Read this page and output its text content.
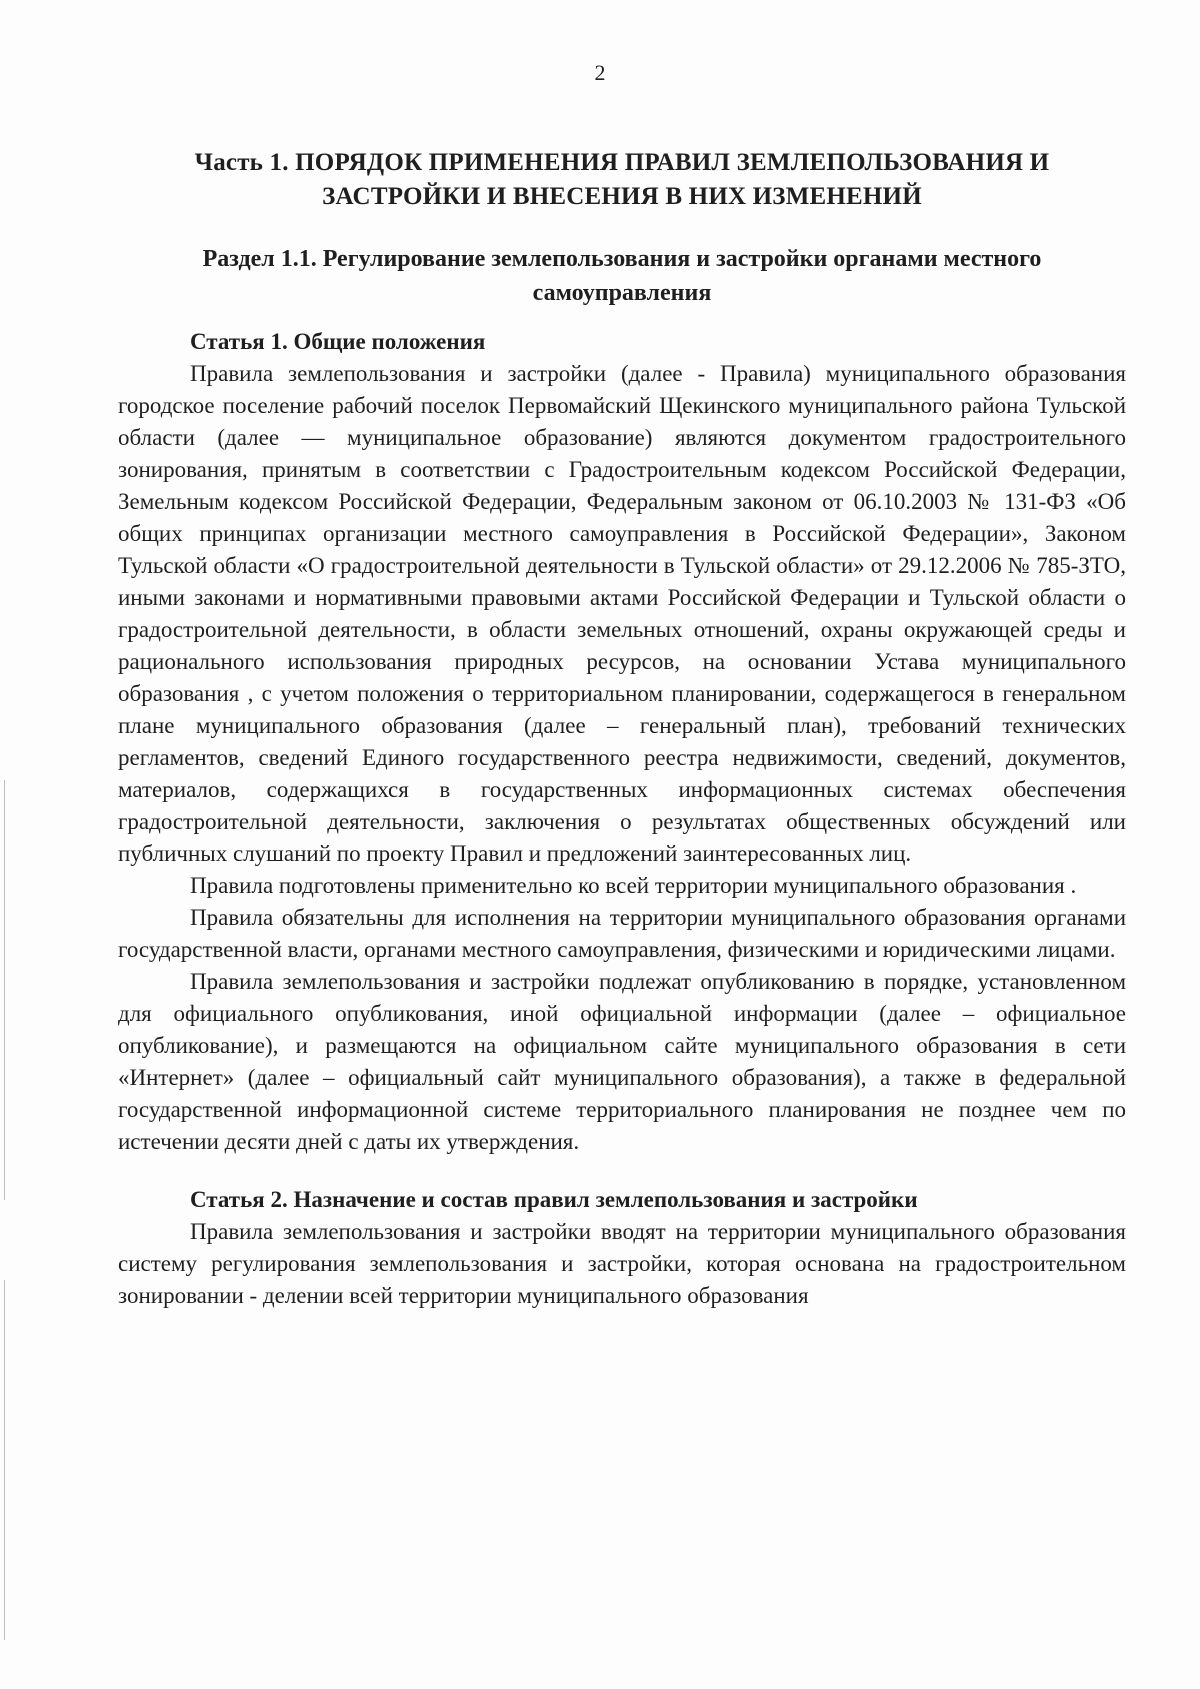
2
Часть 1. ПОРЯДОК ПРИМЕНЕНИЯ ПРАВИЛ ЗЕМЛЕПОЛЬЗОВАНИЯ И ЗАСТРОЙКИ И ВНЕСЕНИЯ В НИХ ИЗМЕНЕНИЙ
Раздел 1.1. Регулирование землепользования и застройки органами местного самоуправления
Статья 1. Общие положения

Правила землепользования и застройки (далее - Правила) муниципального образования городское поселение рабочий поселок Первомайский Щекинского муниципального района Тульской области (далее — муниципальное образование) являются документом градостроительного зонирования, принятым в соответствии с Градостроительным кодексом Российской Федерации, Земельным кодексом Российской Федерации, Федеральным законом от 06.10.2003 № 131-ФЗ «Об общих принципах организации местного самоуправления в Российской Федерации», Законом Тульской области «О градостроительной деятельности в Тульской области» от 29.12.2006 № 785-ЗТО, иными законами и нормативными правовыми актами Российской Федерации и Тульской области о градостроительной деятельности, в области земельных отношений, охраны окружающей среды и рационального использования природных ресурсов, на основании Устава муниципального образования , с учетом положения о территориальном планировании, содержащегося в генеральном плане муниципального образования (далее – генеральный план), требований технических регламентов, сведений Единого государственного реестра недвижимости, сведений, документов, материалов, содержащихся в государственных информационных системах обеспечения градостроительной деятельности, заключения о результатах общественных обсуждений или публичных слушаний по проекту Правил и предложений заинтересованных лиц.

Правила подготовлены применительно ко всей территории муниципального образования .

Правила обязательны для исполнения на территории муниципального образования органами государственной власти, органами местного самоуправления, физическими и юридическими лицами.

Правила землепользования и застройки подлежат опубликованию в порядке, установленном для официального опубликования, иной официальной информации (далее – официальное опубликование), и размещаются на официальном сайте муниципального образования в сети «Интернет» (далее – официальный сайт муниципального образования), а также в федеральной государственной информационной системе территориального планирования не позднее чем по истечении десяти дней с даты их утверждения.

Статья 2. Назначение и состав правил землепользования и застройки

Правила землепользования и застройки вводят на территории муниципального образования систему регулирования землепользования и застройки, которая основана на градостроительном зонировании - делении всей территории муниципального образования
